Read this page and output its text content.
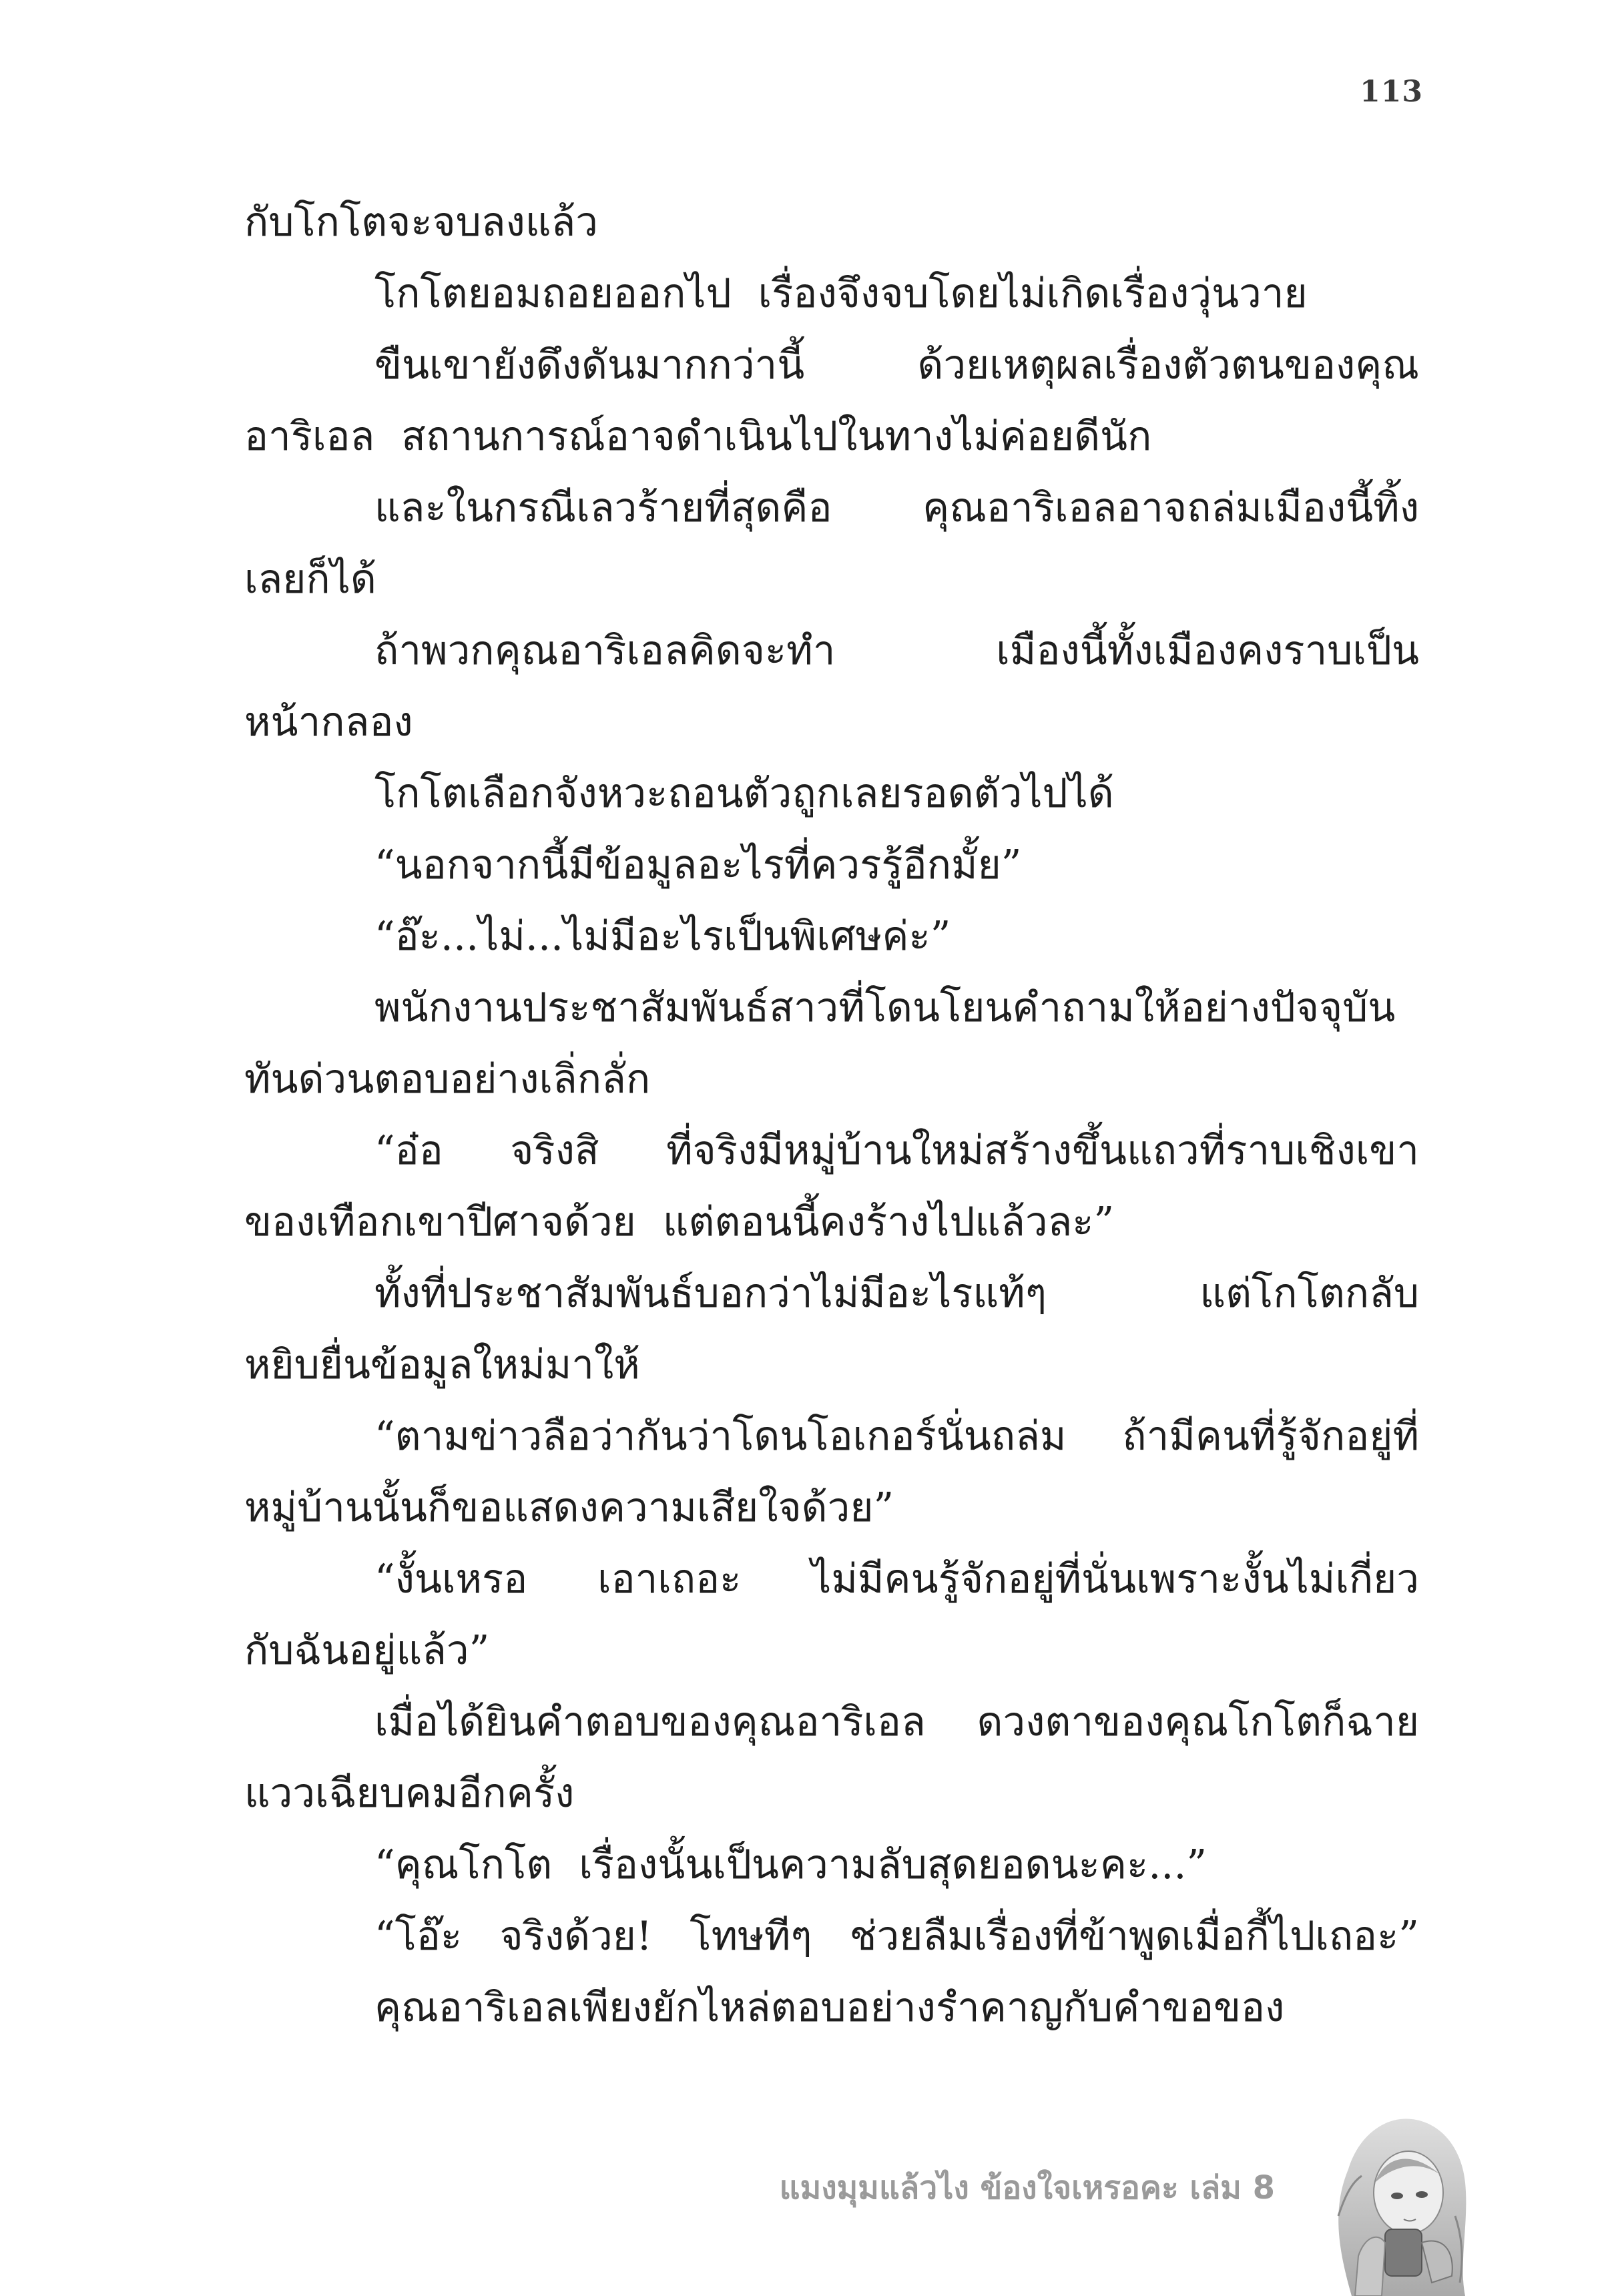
113
กับโกโตจะจบลงแล้ว
โกโตยอมถอยออกไป เรื่องจึงจบโดยไม่เกิดเรื่องวุ่นวาย
ขืนเขายังดึงดันมากกว่านี้	ด้วยเหตุผลเรื่องตัวตนของคุณ
อาริเอล สถานการณ์อาจดำเนินไปในทางไม่ค่อยดีนัก
และในกรณีเลวร้ายที่สุดคือ คุณอาริเอลอาจถล่มเมืองนี้ทิ้ง
เลยก็ได้
ถ้าพวกคุณอาริเอลคิดจะทำ	เมืองนี้ทั้งเมืองคงราบเป็น
หน้ากลอง
โกโตเลือกจังหวะถอนตัวถูกเลยรอดตัวไปได้
“นอกจากนี้มีข้อมูลอะไรที่ควรรู้อีกมั้ย”
“อ๊ะ...ไม่...ไม่มีอะไรเป็นพิเศษค่ะ”
พนักงานประชาสัมพันธ์สาวที่โดนโยนคำถามให้อย่างปัจจุบัน
ทันด่วนตอบอย่างเลิ่กลั่ก
“อ๋อ จริงสิ ที่จริงมีหมู่บ้านใหม่สร้างขึ้นแถวที่ราบเชิงเขา
ของเทือกเขาปีศาจด้วย แต่ตอนนี้คงร้างไปแล้วละ”
ทั้งที่ประชาสัมพันธ์บอกว่าไม่มีอะไรแท้ๆ	แต่โกโตกลับ
หยิบยื่นข้อมูลใหม่มาให้
“ตามข่าวลือว่ากันว่าโดนโอเกอร์นั่นถล่ม ถ้ามีคนที่รู้จักอยู่ที่
หมู่บ้านนั้นก็ขอแสดงความเสียใจด้วย”
“งั้นเหรอ เอาเถอะ ไม่มีคนรู้จักอยู่ที่นั่นเพราะงั้นไม่เกี่ยว
กับฉันอยู่แล้ว”
เมื่อได้ยินคำตอบของคุณอาริเอล ดวงตาของคุณโกโตก็ฉาย
แววเฉียบคมอีกครั้ง
“คุณโกโต เรื่องนั้นเป็นความลับสุดยอดนะคะ...”
“โอ๊ะ จริงด้วย! โทษทีๆ ช่วยลืมเรื่องที่ข้าพูดเมื่อกี้ไปเถอะ”
คุณอาริเอลเพียงยักไหล่ตอบอย่างรำคาญกับคำขอของ
แมงมุมแล้วไง ข้องใจเหรอคะ เล่ม 8
